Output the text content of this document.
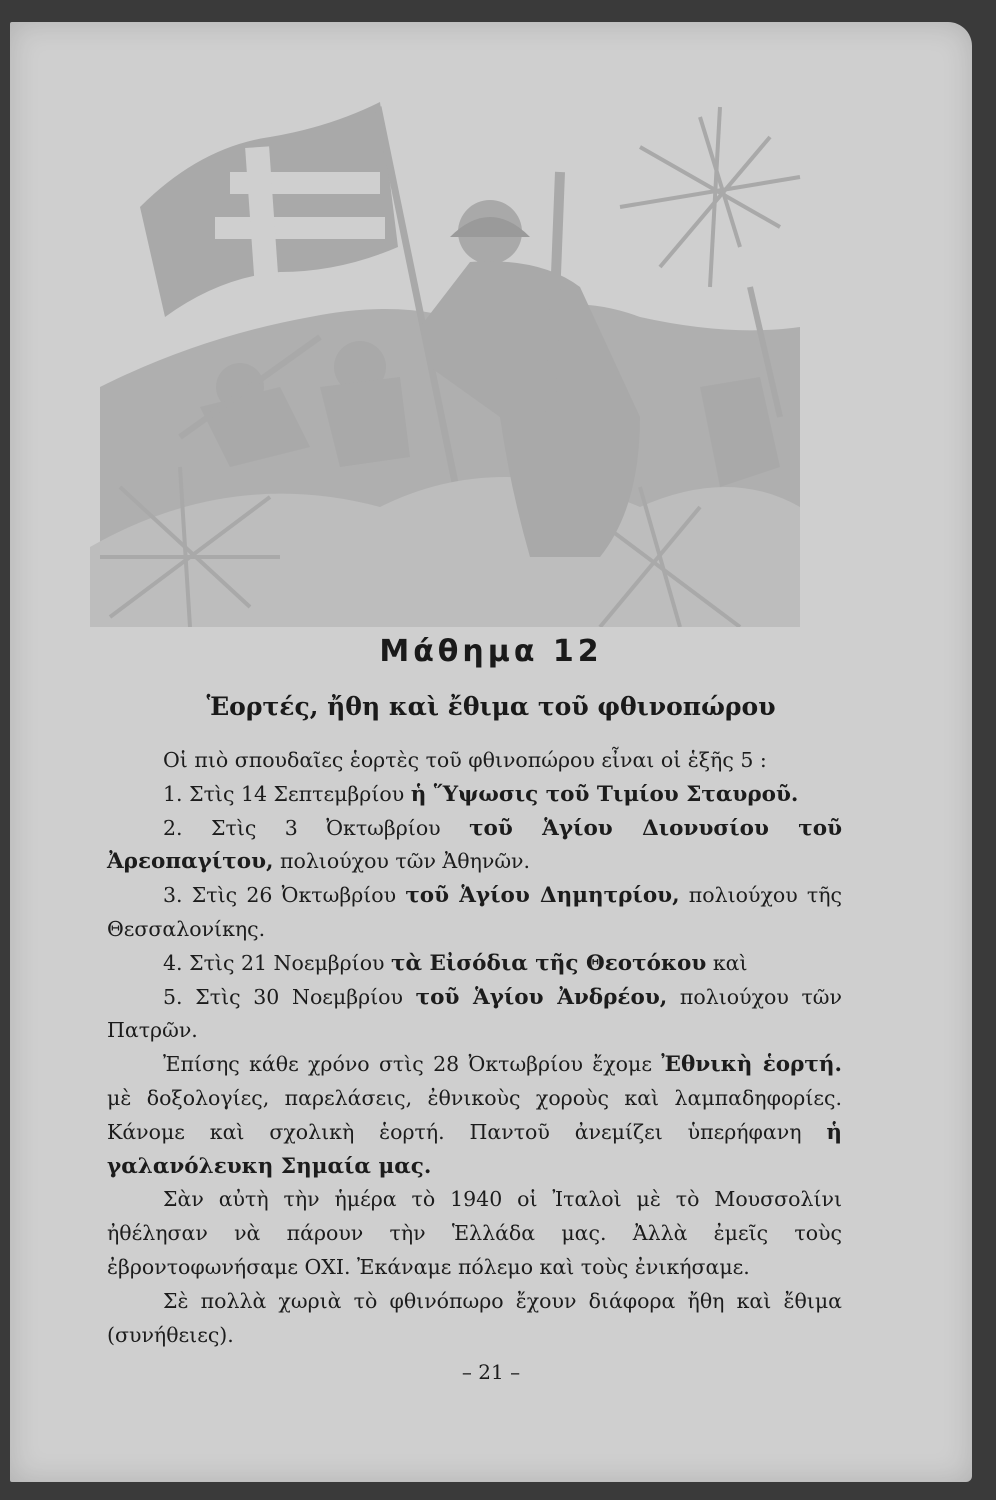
Μάθημα 12
Ἑορτές, ἤθη καὶ ἔθιμα τοῦ φθινοπώρου

Οἱ πιὸ σπουδαῖες ἑορτὲς τοῦ φθινοπώρου εἶναι οἱ ἑξῆς 5 :

1. Στὶς 14 Σεπτεμβρίου ἡ Ὕψωσις τοῦ Τιμίου Σταυροῦ.

2. Στὶς 3 Ὀκτωβρίου τοῦ Ἁγίου Διονυσίου τοῦ Ἀρεοπαγίτου, πολιούχου τῶν Ἀθηνῶν.

3. Στὶς 26 Ὀκτωβρίου τοῦ Ἁγίου Δημητρίου, πολιούχου τῆς Θεσσαλονίκης.

4. Στὶς 21 Νοεμβρίου τὰ Εἰσόδια τῆς Θεοτόκου καὶ

5. Στὶς 30 Νοεμβρίου τοῦ Ἁγίου Ἀνδρέου, πολιούχου τῶν Πατρῶν.

Ἐπίσης κάθε χρόνο στὶς 28 Ὀκτωβρίου ἔχομε Ἐθνικὴ ἑορτή. μὲ δοξολογίες, παρελάσεις, ἐθνικοὺς χοροὺς καὶ λαμπαδηφορίες. Κάνομε καὶ σχολικὴ ἑορτή. Παντοῦ ἀνεμίζει ὑπερήφανη ἡ γαλανόλευκη Σημαία μας.

Σὰν αὐτὴ τὴν ἡμέρα τὸ 1940 οἱ Ἰταλοὶ μὲ τὸ Μουσσολίνι ἠθέλησαν νὰ πάρουν τὴν Ἑλλάδα μας. Ἀλλὰ ἐμεῖς τοὺς ἐβροντοφωνήσαμε ΟΧΙ. Ἐκάναμε πόλεμο καὶ τοὺς ἐνικήσαμε.

Σὲ πολλὰ χωριὰ τὸ φθινόπωρο ἔχουν διάφορα ἤθη καὶ ἔθιμα (συνήθειες).

– 21 –
